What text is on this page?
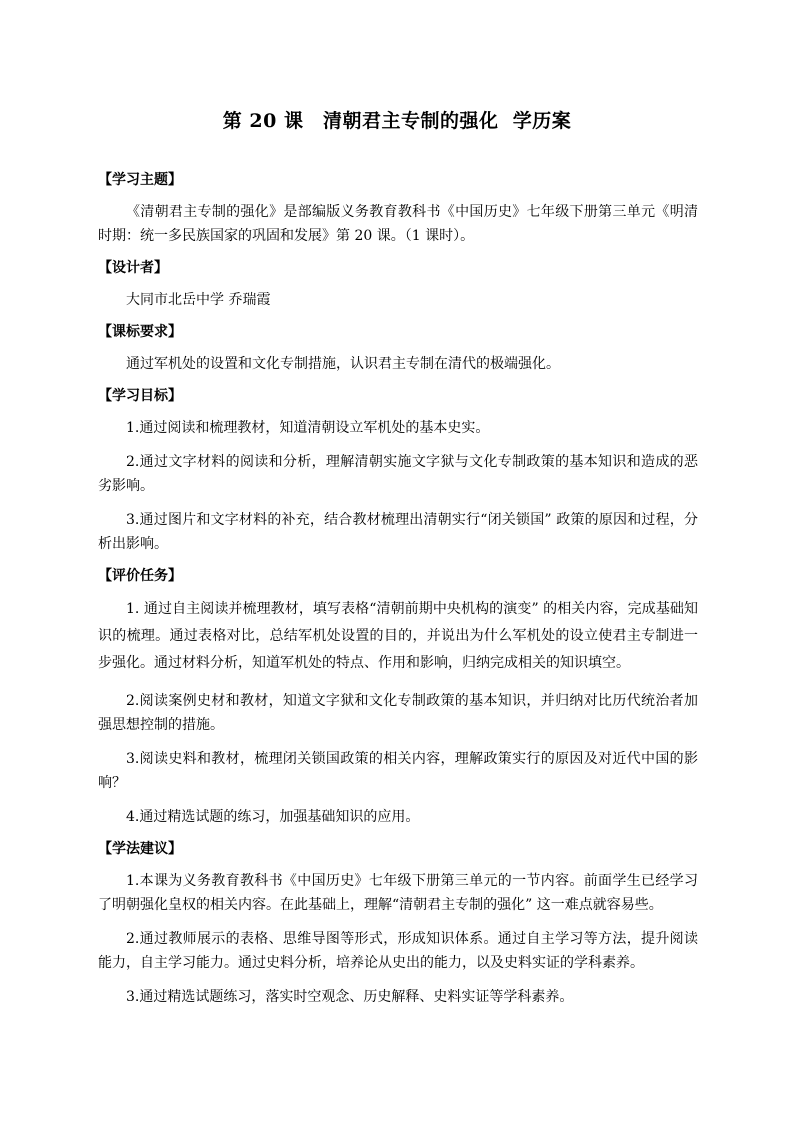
第 20 课　清朝君主专制的强化  学历案
【学习主题】

《清朝君主专制的强化》是部编版义务教育教科书《中国历史》七年级下册第三单元《明清时期：统一多民族国家的巩固和发展》第 20 课。（1 课时）。

【设计者】

大同市北岳中学 乔瑞霞

【课标要求】

通过军机处的设置和文化专制措施，认识君主专制在清代的极端强化。

【学习目标】

1.通过阅读和梳理教材，知道清朝设立军机处的基本史实。

2.通过文字材料的阅读和分析，理解清朝实施文字狱与文化专制政策的基本知识和造成的恶劣影响。

3.通过图片和文字材料的补充，结合教材梳理出清朝实行“闭关锁国” 政策的原因和过程，分析出影响。

【评价任务】

1. 通过自主阅读并梳理教材，填写表格“清朝前期中央机构的演变” 的相关内容，完成基础知识的梳理。通过表格对比，总结军机处设置的目的，并说出为什么军机处的设立使君主专制进一步强化。通过材料分析，知道军机处的特点、作用和影响，归纳完成相关的知识填空。

2.阅读案例史材和教材，知道文字狱和文化专制政策的基本知识，并归纳对比历代统治者加强思想控制的措施。

3.阅读史料和教材，梳理闭关锁国政策的相关内容，理解政策实行的原因及对近代中国的影响？

4.通过精选试题的练习，加强基础知识的应用。

【学法建议】

1.本课为义务教育教科书《中国历史》七年级下册第三单元的一节内容。前面学生已经学习了明朝强化皇权的相关内容。在此基础上，理解“清朝君主专制的强化” 这一难点就容易些。

2.通过教师展示的表格、思维导图等形式，形成知识体系。通过自主学习等方法，提升阅读能力，自主学习能力。通过史料分析，培养论从史出的能力，以及史料实证的学科素养。

3.通过精选试题练习，落实时空观念、历史解释、史料实证等学科素养。
